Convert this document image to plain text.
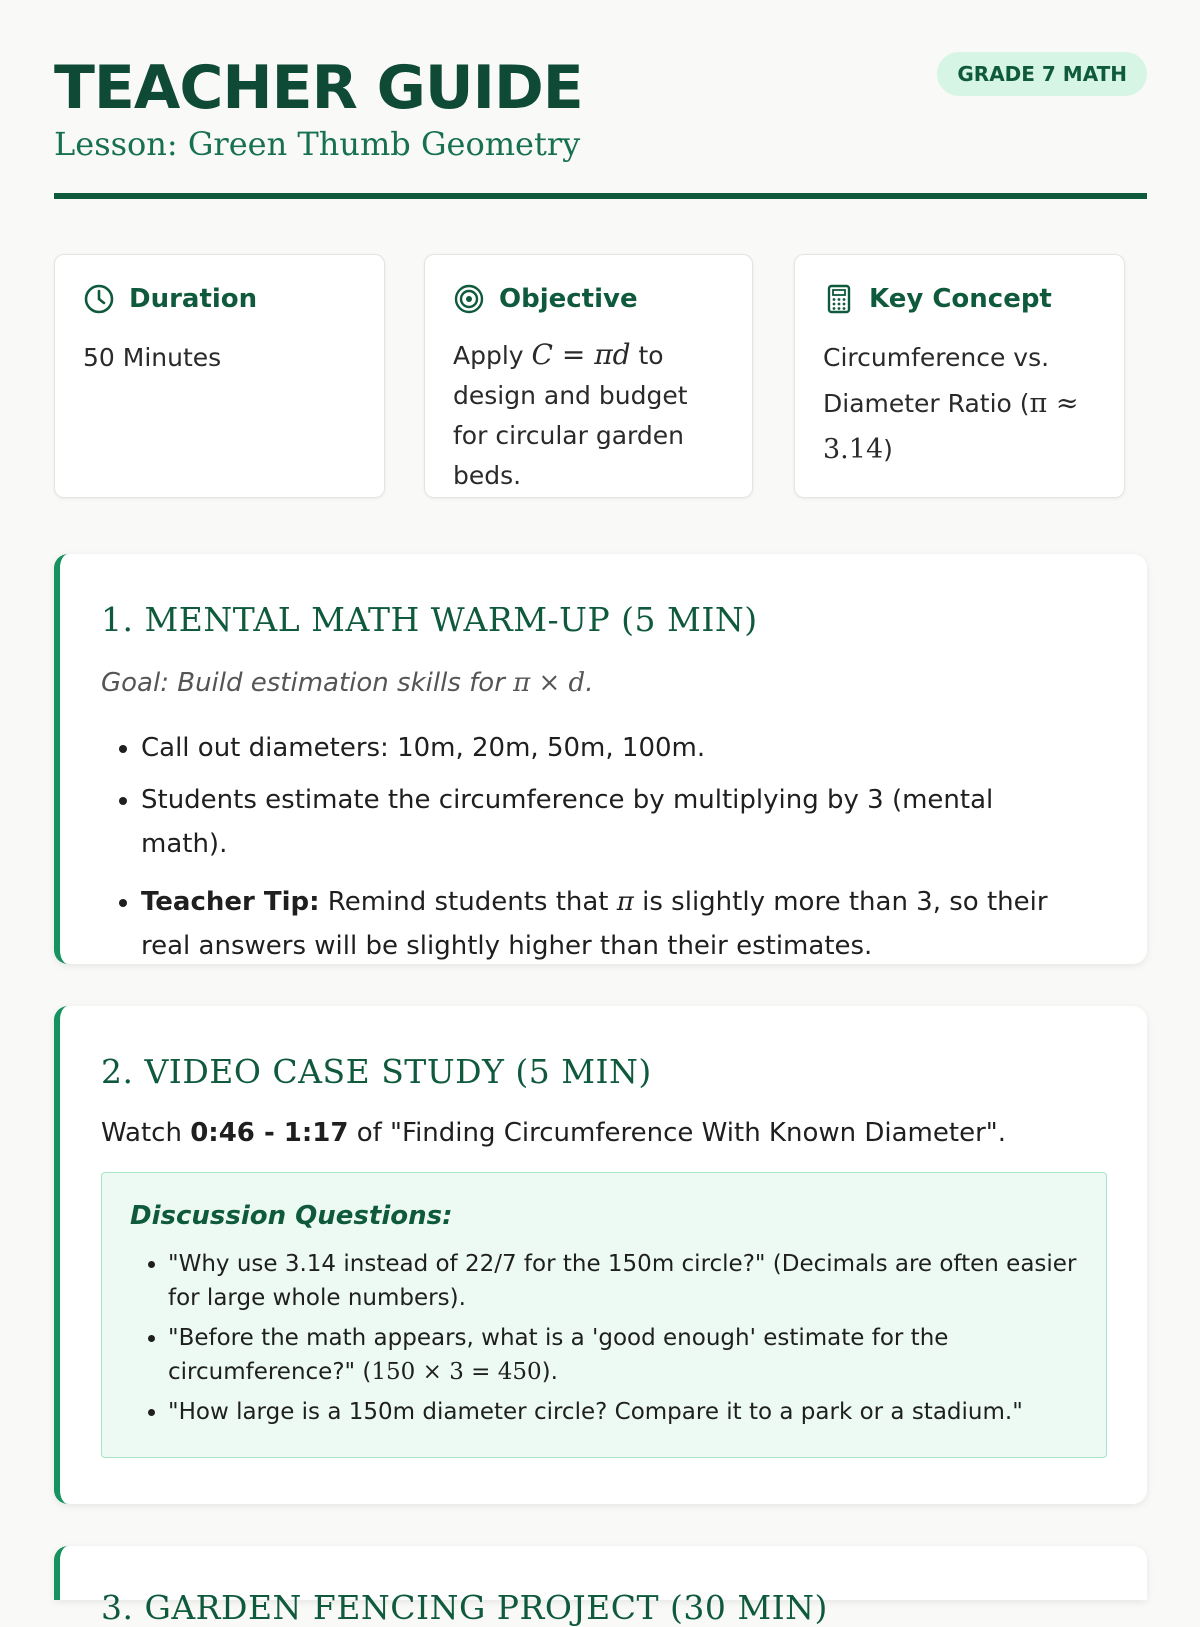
TEACHER GUIDE

Lesson: Green Thumb Geometry

GRADE 7 MATH
Duration
50 Minutes
Objective
Apply C = πd to design and budget for circular garden beds.
Key Concept
Circumference vs. Diameter Ratio (π ≈ 3.14)
1. MENTAL MATH WARM-UP (5 MIN)

Goal: Build estimation skills for π × d.

• Call out diameters: 10m, 20m, 50m, 100m.
• Students estimate the circumference by multiplying by 3 (mental math).
• Teacher Tip: Remind students that π is slightly more than 3, so their real answers will be slightly higher than their estimates.
2. VIDEO CASE STUDY (5 MIN)

Watch 0:46 - 1:17 of "Finding Circumference With Known Diameter".

Discussion Questions:
• "Why use 3.14 instead of 22/7 for the 150m circle?" (Decimals are often easier for large whole numbers).
• "Before the math appears, what is a 'good enough' estimate for the circumference?" (150 × 3 = 450).
• "How large is a 150m diameter circle? Compare it to a park or a stadium."
3. GARDEN FENCING PROJECT (30 MIN)
